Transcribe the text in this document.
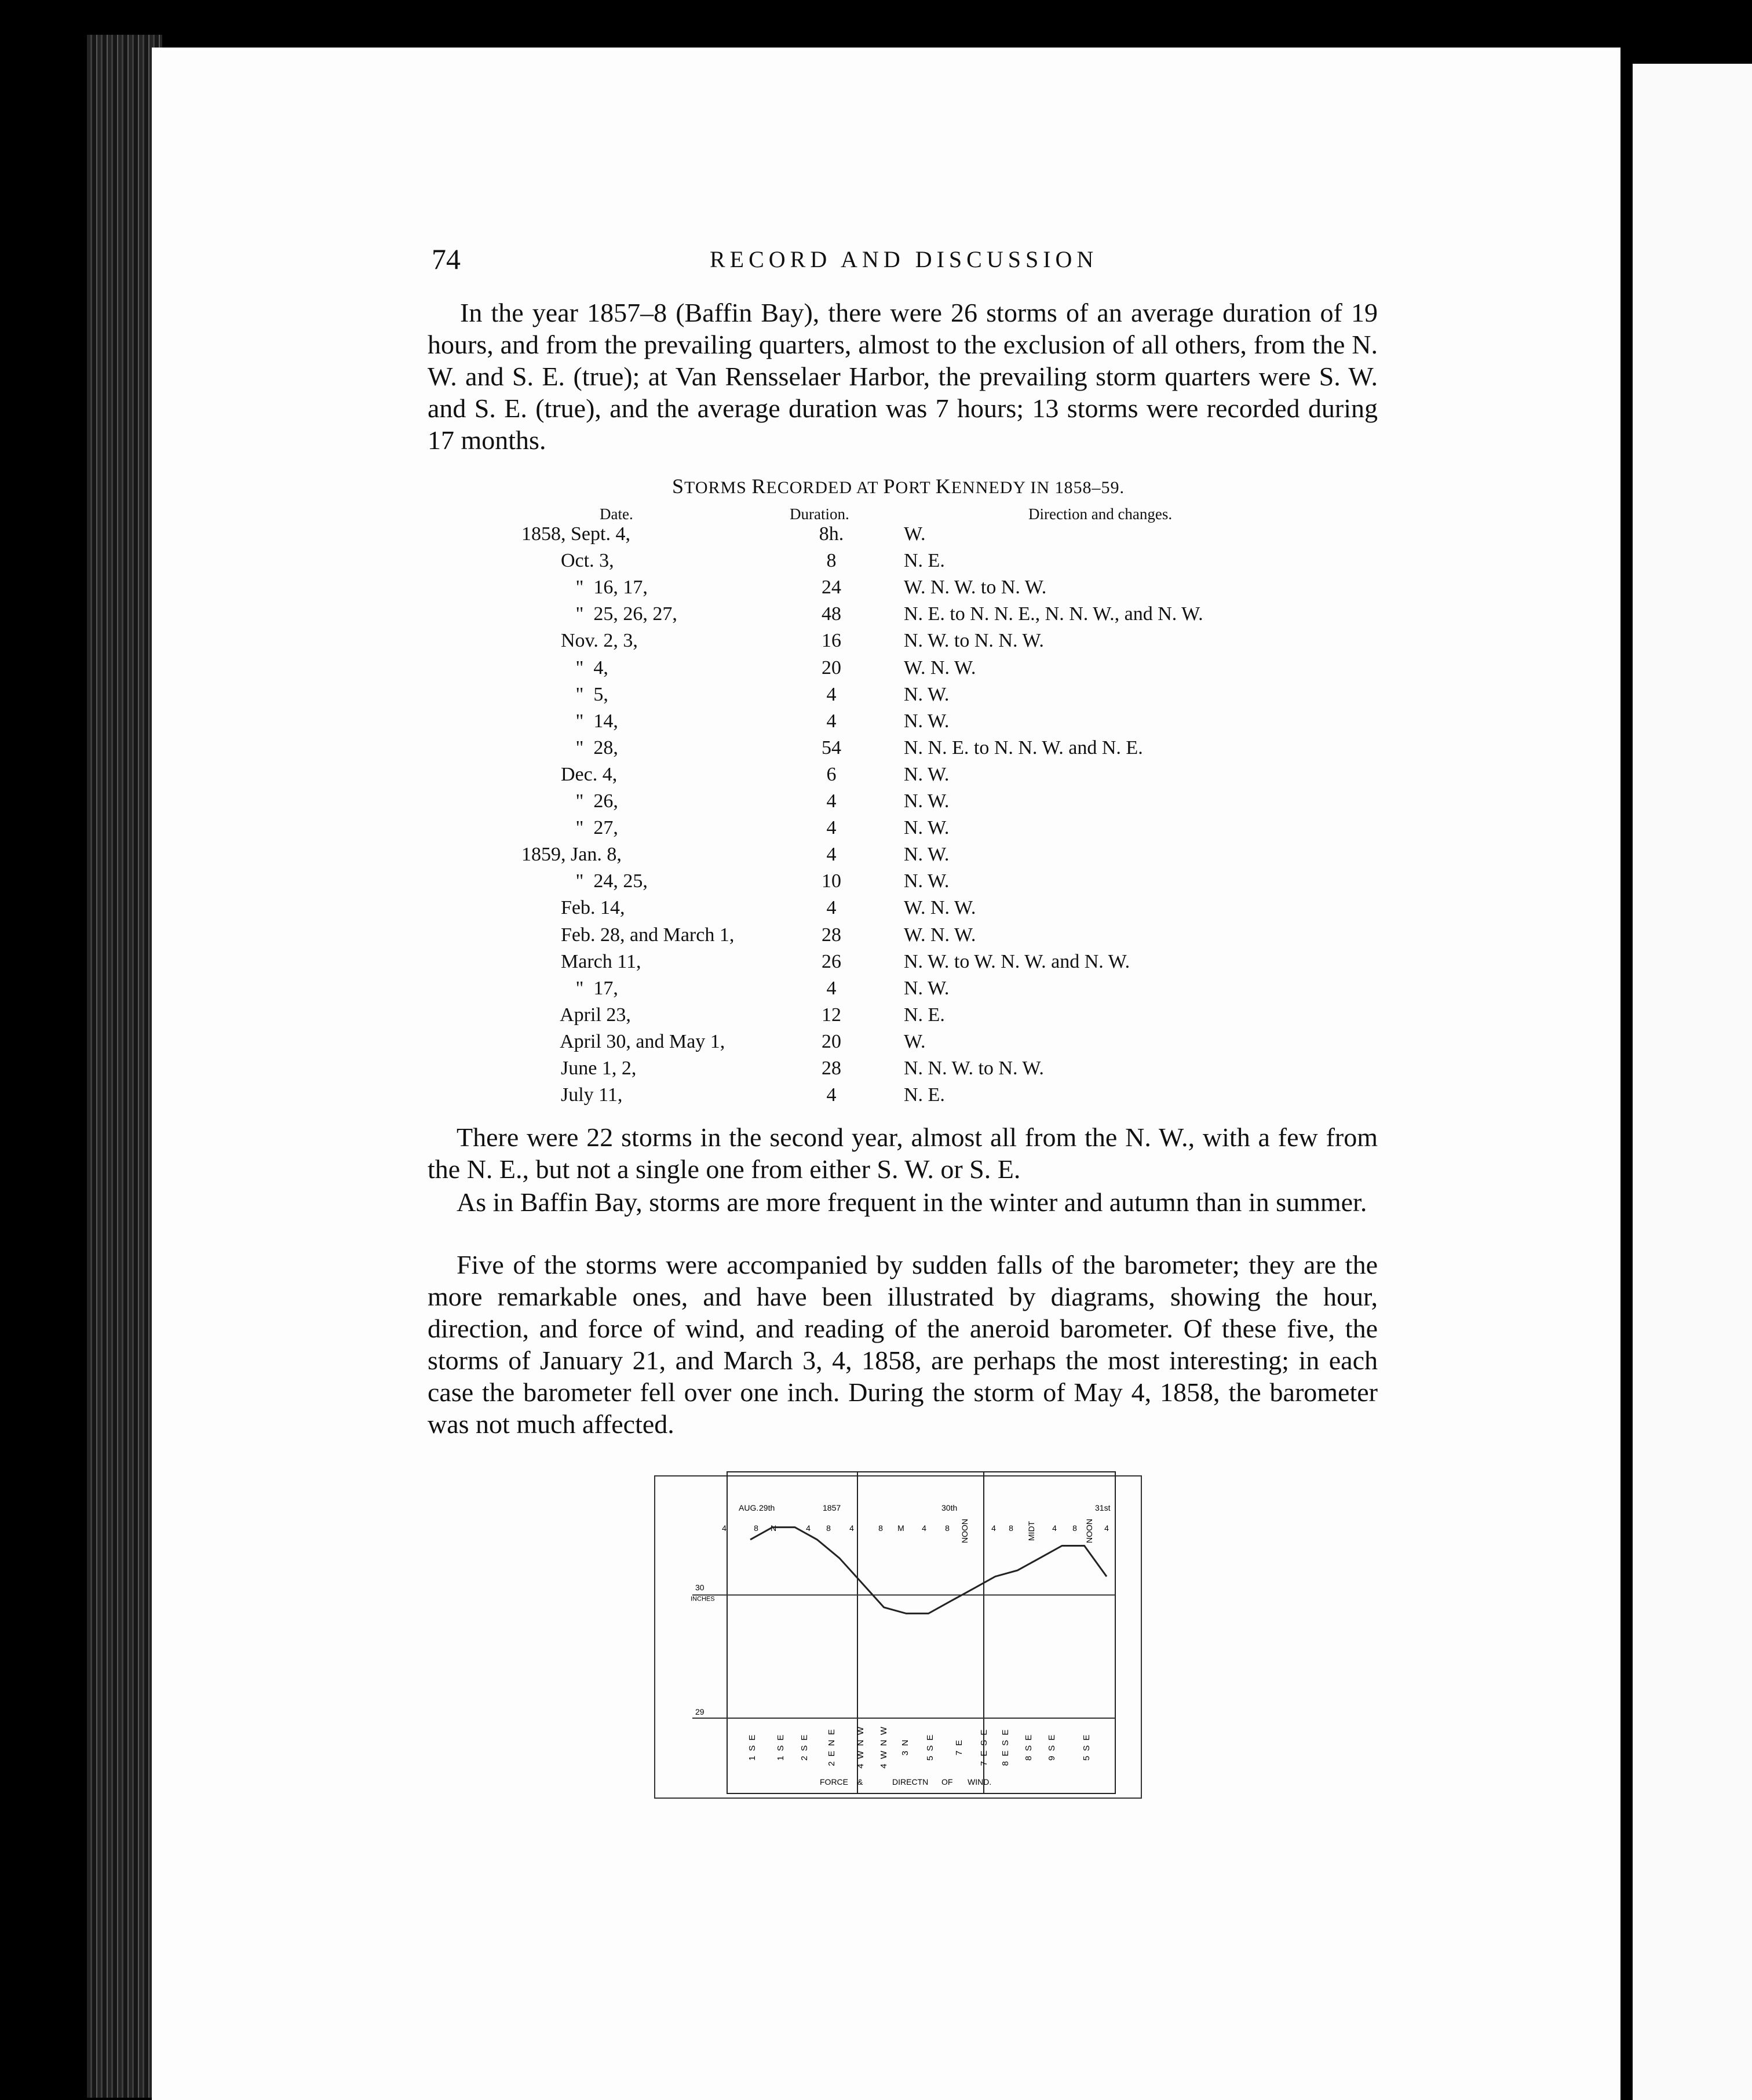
74	RECORD AND DISCUSSION

In the year 1857–8 (Baffin Bay), there were 26 storms of an average duration of 19 hours, and from the prevailing quarters, almost to the exclusion of all others, from the N. W. and S. E. (true); at Van Rensselaer Harbor, the prevailing storm quarters were S. W. and S. E. (true), and the average duration was 7 hours; 13 storms were recorded during 17 months.

STORMS RECORDED AT PORT KENNEDY IN 1858–59.
Date.	Duration.	Direction and changes.
1858, Sept. 4,	8h.	W.
Oct. 3,	8	N. E.
"  16, 17,	24	W. N. W. to N. W.
"  25, 26, 27,	48	N. E. to N. N. E., N. N. W., and N. W.
Nov. 2, 3,	16	N. W. to N. N. W.
"  4,	20	W. N. W.
"  5,	4	N. W.
"  14,	4	N. W.
"  28,	54	N. N. E. to N. N. W. and N. E.
Dec. 4,	6	N. W.
"  26,	4	N. W.
"  27,	4	N. W.
1859, Jan. 8,	4	N. W.
"  24, 25,	10	N. W.
Feb. 14,	4	W. N. W.
Feb. 28, and March 1,	28	W. N. W.
March 11,	26	N. W. to W. N. W. and N. W.
"  17,	4	N. W.
April 23,	12	N. E.
April 30, and May 1,	20	W.
June 1, 2,	28	N. N. W. to N. W.
July 11,	4	N. E.

There were 22 storms in the second year, almost all from the N. W., with a few from the N. E., but not a single one from either S. W. or S. E.

As in Baffin Bay, storms are more frequent in the winter and autumn than in summer.

Five of the storms were accompanied by sudden falls of the barometer; they are the more remarkable ones, and have been illustrated by diagrams, showing the hour, direction, and force of wind, and reading of the aneroid barometer. Of these five, the storms of January 21, and March 3, 4, 1858, are perhaps the most interesting; in each case the barometer fell over one inch. During the storm of May 4, 1858, the barometer was not much affected.

AUG. 29th	1857	30th	31st
4	8 N	4 8 4	8 M 4 8 NOON	4 8 MIDT 4 8 NOON 4
30
INCHES
29
1 S E 1 S E 2 S E 2 E N E 4 W N W 4 W N W 3 N 5 S E 7 E 7 E S E 8 E S E 8 S E 9 S E	5 S E
FORCE &	DIRECTN OF WIND.
